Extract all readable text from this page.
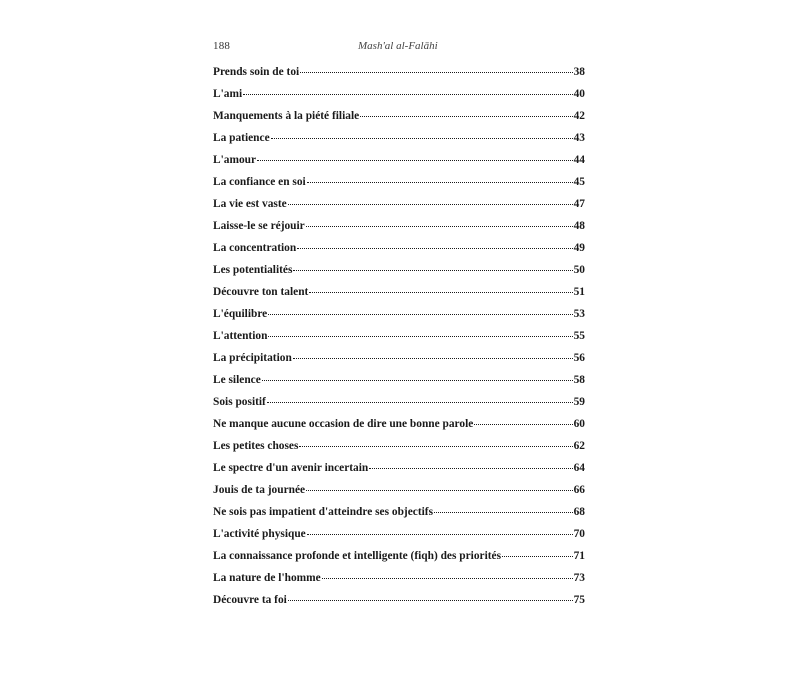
188	Mash'al al-Falāhi
Prends soin de toi	38
L'ami	40
Manquements à la piété filiale	42
La patience	43
L'amour	44
La confiance en soi	45
La vie est vaste	47
Laisse-le se réjouir	48
La concentration	49
Les potentialités	50
Découvre ton talent	51
L'équilibre	53
L'attention	55
La précipitation	56
Le silence	58
Sois positif	59
Ne manque aucune occasion de dire une bonne parole	60
Les petites choses	62
Le spectre d'un avenir incertain	64
Jouis de ta journée	66
Ne sois pas impatient d'atteindre ses objectifs	68
L'activité physique	70
La connaissance profonde et intelligente (fiqh) des priorités	71
La nature de l'homme	73
Découvre ta foi	75
